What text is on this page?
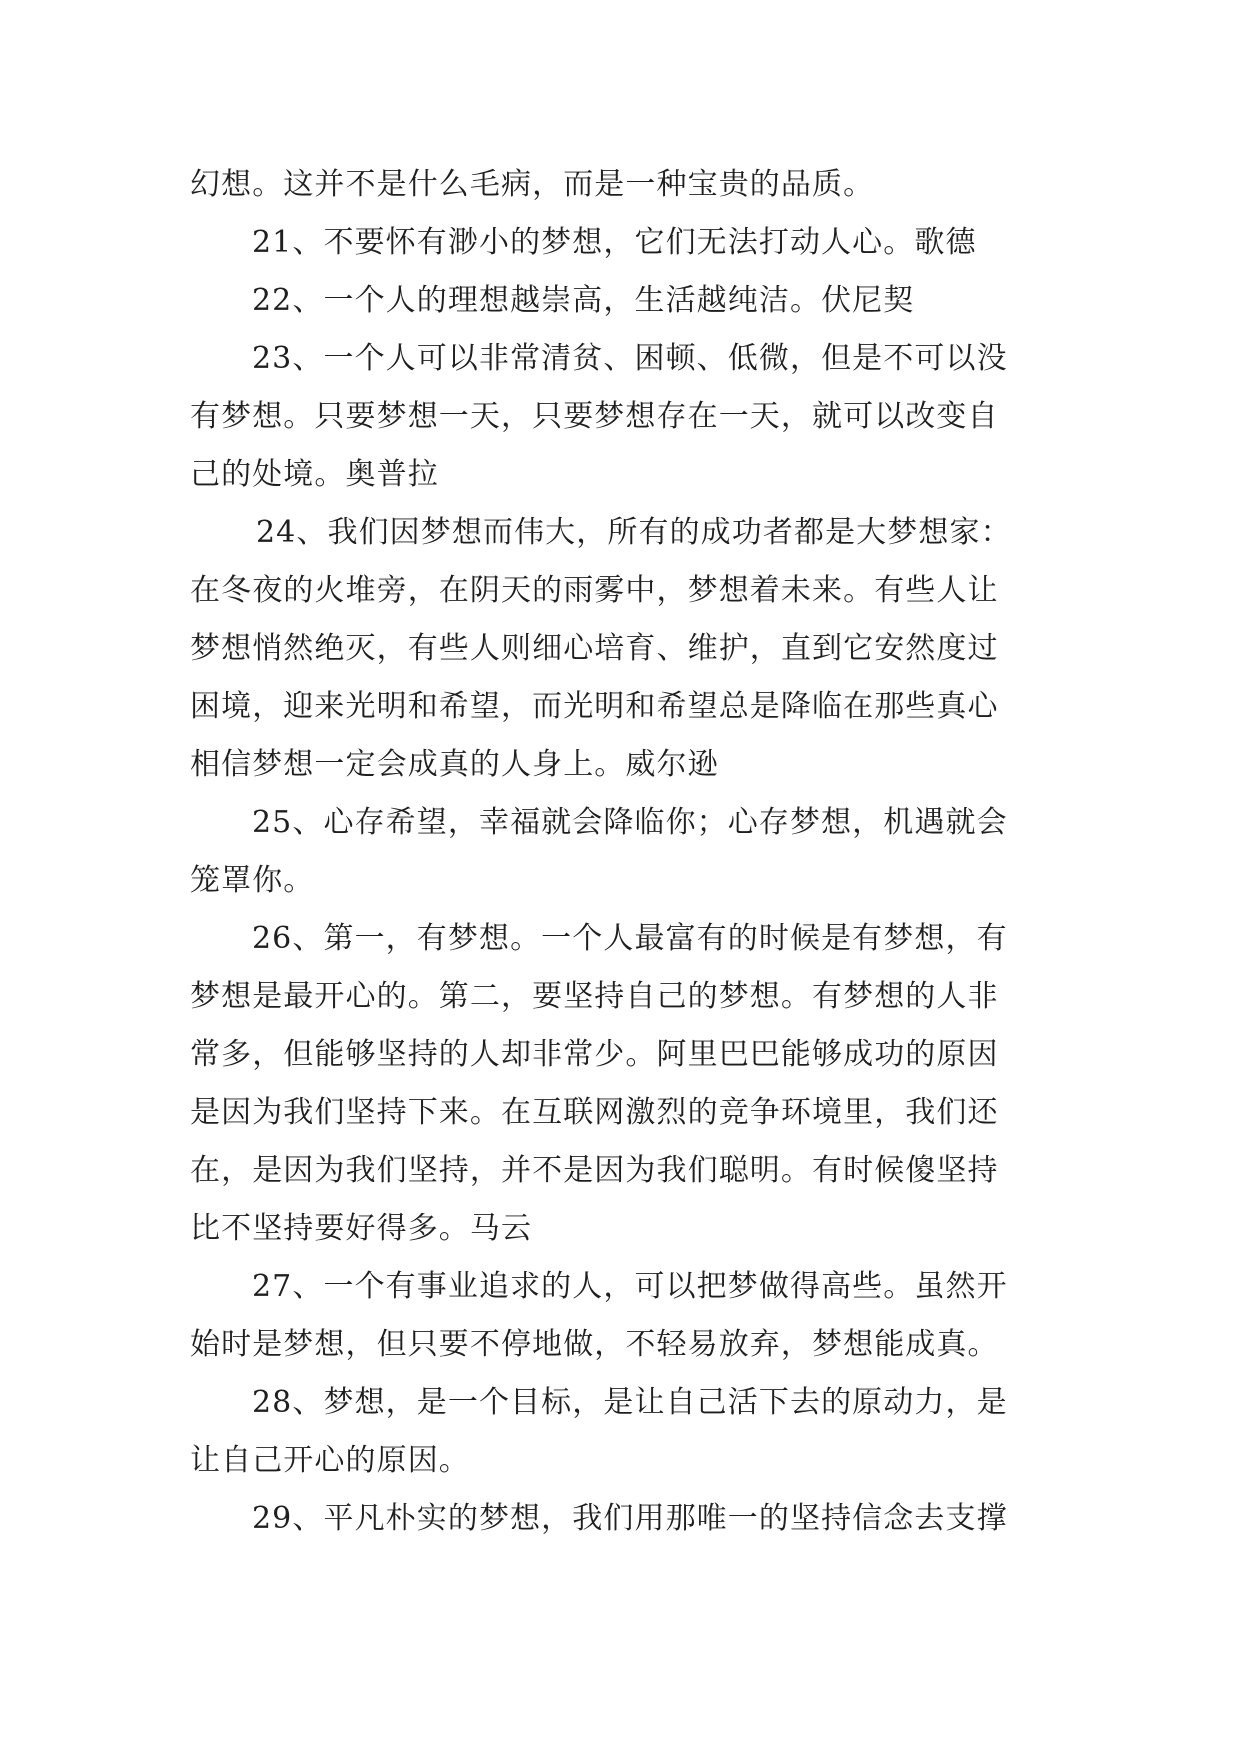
幻想。这并不是什么毛病，而是一种宝贵的品质。
21、不要怀有渺小的梦想，它们无法打动人心。歌德
22、一个人的理想越崇高，生活越纯洁。伏尼契
23、一个人可以非常清贫、困顿、低微，但是不可以没
有梦想。只要梦想一天，只要梦想存在一天，就可以改变自
己的处境。奥普拉
24、我们因梦想而伟大，所有的成功者都是大梦想家：
在冬夜的火堆旁，在阴天的雨雾中，梦想着未来。有些人让
梦想悄然绝灭，有些人则细心培育、维护，直到它安然度过
困境，迎来光明和希望，而光明和希望总是降临在那些真心
相信梦想一定会成真的人身上。威尔逊
25、心存希望，幸福就会降临你；心存梦想，机遇就会
笼罩你。
26、第一，有梦想。一个人最富有的时候是有梦想，有
梦想是最开心的。第二，要坚持自己的梦想。有梦想的人非
常多，但能够坚持的人却非常少。阿里巴巴能够成功的原因
是因为我们坚持下来。在互联网激烈的竞争环境里，我们还
在，是因为我们坚持，并不是因为我们聪明。有时候傻坚持
比不坚持要好得多。马云
27、一个有事业追求的人，可以把梦做得高些。虽然开
始时是梦想，但只要不停地做，不轻易放弃，梦想能成真。
28、梦想，是一个目标，是让自己活下去的原动力，是
让自己开心的原因。
29、平凡朴实的梦想，我们用那唯一的坚持信念去支撑
